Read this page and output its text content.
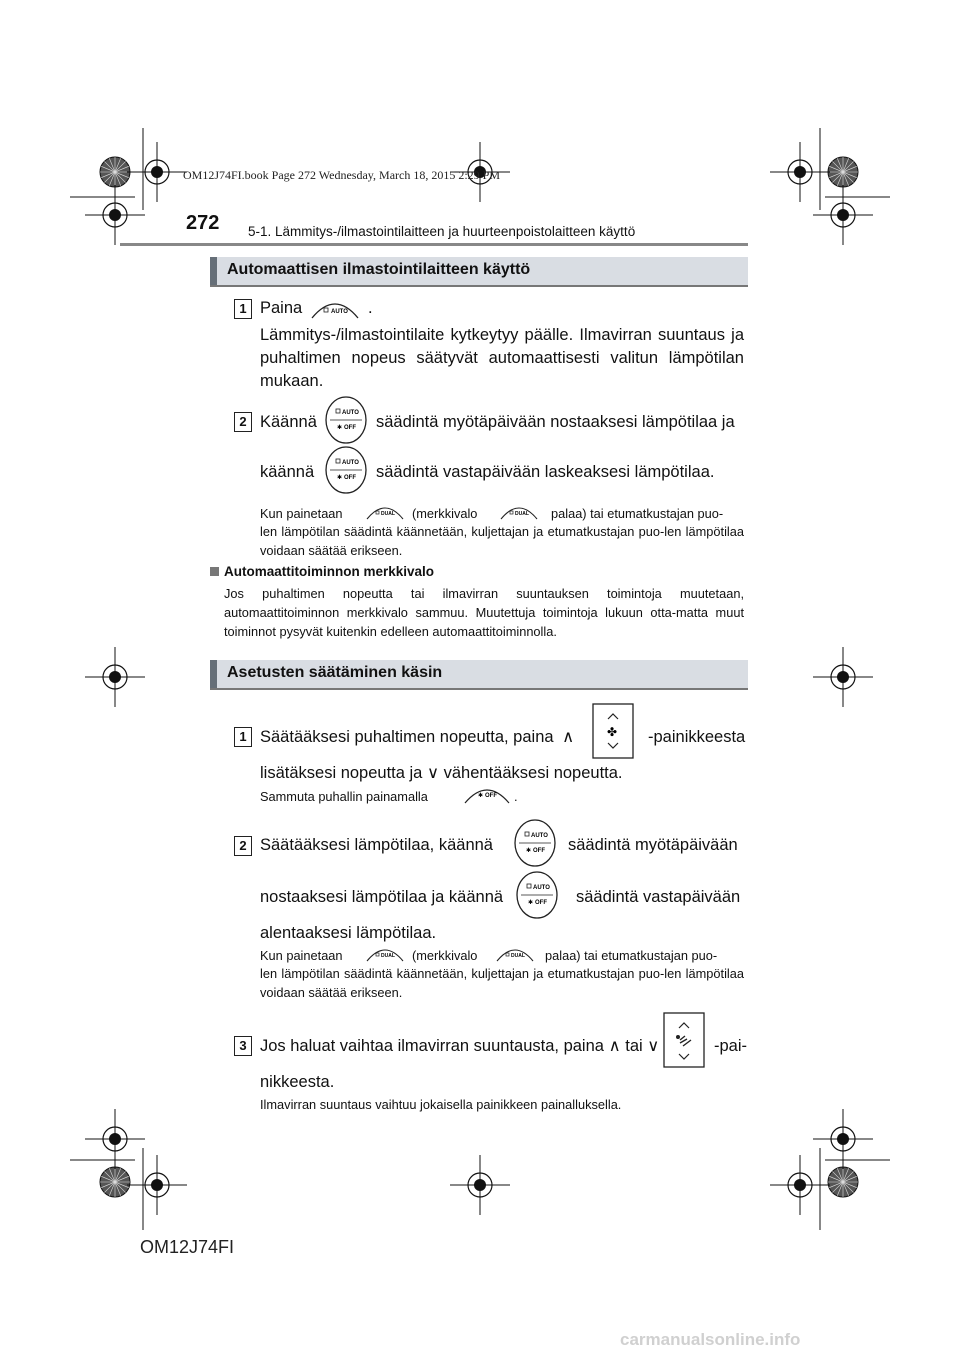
OM12J74FI.book Page 272 Wednesday, March 18, 2015 2:29 PM
272 5-1. Lämmitys-/ilmastointilaitteen ja huurteenpoistolaitteen käyttö
Automaattisen ilmastointilaitteen käyttö
1 Paina	AUTO .
Lämmitys-/ilmastointilaite kytkeytyy päälle. Ilmavirran suuntaus ja puhaltimen nopeus säätyvät automaattisesti valitun lämpötilan mukaan.
2 Käännä	AUTO
✱ OFF säädintä myötäpäivään nostaaksesi lämpötilaa ja
käännä	AUTO
✱ OFF säädintä vastapäivään laskeaksesi lämpötilaa.
Kun painetaan	DUAL (merkkivalo	DUAL palaa) tai etumatkustajan puo-
len lämpötilan säädintä käännetään, kuljettajan ja etumatkustajan puo-len lämpötilaa voidaan säätää erikseen.
Automaattitoiminnon merkkivalo
Jos puhaltimen nopeutta tai ilmavirran suuntauksen toimintoja muutetaan, automaattitoiminnon merkkivalo sammuu. Muutettuja toimintoja lukuun otta-matta muut toiminnot pysyvät kuitenkin edelleen automaattitoiminnolla.
Asetusten säätäminen käsin
1 Säätääksesi puhaltimen nopeutta, paina ∧	✤ -painikkeesta
lisätäksesi nopeutta ja ∨ vähentääksesi nopeutta.
Sammuta puhallin painamalla	✱ OFF .
2 Säätääksesi lämpötilaa, käännä	AUTO
✱ OFF säädintä myötäpäivään
nostaaksesi lämpötilaa ja käännä	AUTO
✱ OFF säädintä vastapäivään
alentaaksesi lämpötilaa.
Kun painetaan	DUAL (merkkivalo	DUAL palaa) tai etumatkustajan puo-
len lämpötilan säädintä käännetään, kuljettajan ja etumatkustajan puo-len lämpötilaa voidaan säätää erikseen.
3 Jos haluat vaihtaa ilmavirran suuntausta, paina ∧ tai ∨	-pai-
nikkeesta.
Ilmavirran suuntaus vaihtuu jokaisella painikkeen painalluksella.
OM12J74FI
carmanualsonline.info
